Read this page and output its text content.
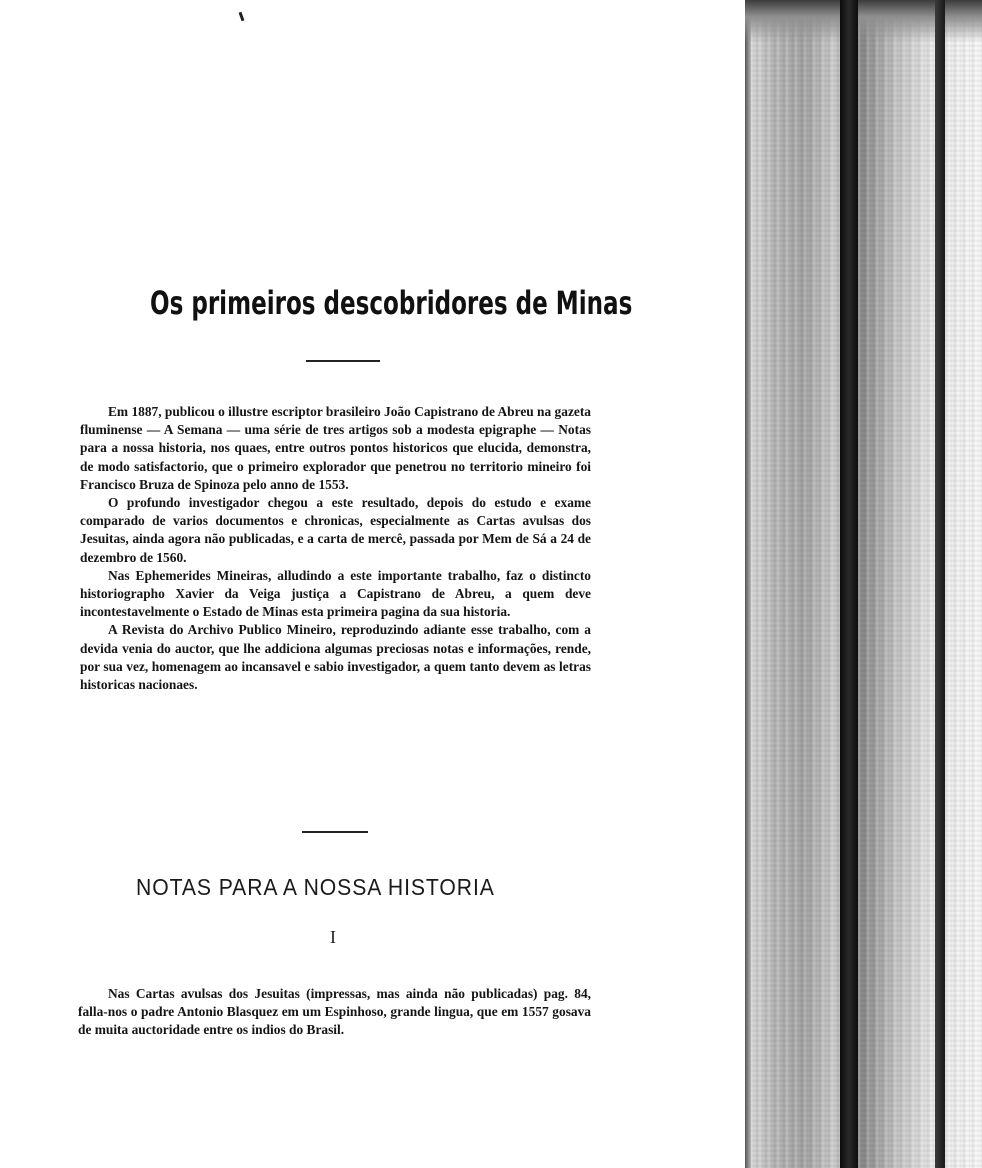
Os primeiros descobridores de Minas

Em 1887, publicou o illustre escriptor brasileiro João Capistrano de Abreu na gazeta fluminense — A Semana — uma série de tres artigos sob a modesta epigraphe — Notas para a nossa historia, nos quaes, entre outros pontos historicos que elucida, demonstra, de modo satisfactorio, que o primeiro explorador que penetrou no territorio mineiro foi Francisco Bruza de Spinoza pelo anno de 1553.

O profundo investigador chegou a este resultado, depois do estudo e exame comparado de varios documentos e chronicas, especialmente as Cartas avulsas dos Jesuitas, ainda agora não publicadas, e a carta de mercê, passada por Mem de Sá a 24 de dezembro de 1560.

Nas Ephemerides Mineiras, alludindo a este importante trabalho, faz o distincto historiographo Xavier da Veiga justiça a Capistrano de Abreu, a quem deve incontestavelmente o Estado de Minas esta primeira pagina da sua historia.

A Revista do Archivo Publico Mineiro, reproduzindo adiante esse trabalho, com a devida venia do auctor, que lhe addiciona algumas preciosas notas e informações, rende, por sua vez, homenagem ao incansavel e sabio investigador, a quem tanto devem as letras historicas nacionaes.

NOTAS PARA A NOSSA HISTORIA
I

Nas Cartas avulsas dos Jesuitas (impressas, mas ainda não publicadas) pag. 84, falla-nos o padre Antonio Blasquez em um Espinhoso, grande lingua, que em 1557 gosava de muita auctoridade entre os indios do Brasil.
